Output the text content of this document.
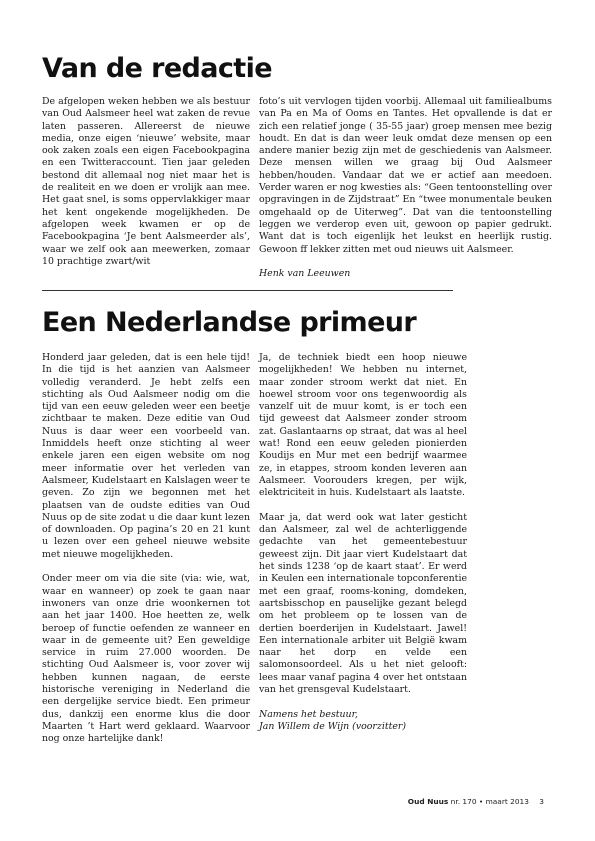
Van de redactie

De afgelopen weken hebben we als bestuur van Oud Aalsmeer heel wat zaken de revue laten passeren. Allereerst de nieuwe media, onze eigen ‘nieuwe’ website, maar ook zaken zoals een eigen Facebookpagina en een Twitteraccount. Tien jaar geleden bestond dit allemaal nog niet maar het is de realiteit en we doen er vrolijk aan mee. Het gaat snel, is soms oppervlakkiger maar het kent ongekende mogelijkheden. De afgelopen week kwamen er op de Facebookpagina ‘Je bent Aalsmeerder als’, waar we zelf ook aan meewerken, zomaar 10 prachtige zwart/wit

foto’s uit vervlogen tijden voorbij. Allemaal uit familiealbums van Pa en Ma of Ooms en Tantes. Het opvallende is dat er zich een relatief jonge ( 35-55 jaar) groep mensen mee bezig houdt. En dat is dan weer leuk omdat deze mensen op een andere manier bezig zijn met de geschiedenis van Aalsmeer. Deze mensen willen we graag bij Oud Aalsmeer hebben/houden. Vandaar dat we er actief aan meedoen. Verder waren er nog kwesties als: “Geen tentoonstelling over opgravingen in de Zijdstraat” En “twee monumentale beuken omgehaald op de Uiterweg”. Dat van die tentoonstelling leggen we verderop even uit, gewoon op papier gedrukt. Want dat is toch eigenlijk het leukst en heerlijk rustig. Gewoon ff lekker zitten met oud nieuws uit Aalsmeer.

Henk van Leeuwen

Een Nederlandse primeur

Honderd jaar geleden, dat is een hele tijd! In die tijd is het aanzien van Aalsmeer volledig veranderd. Je hebt zelfs een stichting als Oud Aalsmeer nodig om die tijd van een eeuw geleden weer een beetje zichtbaar te maken. Deze editie van Oud Nuus is daar weer een voorbeeld van. Inmiddels heeft onze stichting al weer enkele jaren een eigen website om nog meer informatie over het verleden van Aalsmeer, Kudelstaart en Kalslagen weer te geven. Zo zijn we begonnen met het plaatsen van de oudste edities van Oud Nuus op de site zodat u die daar kunt lezen of downloaden. Op pagina’s 20 en 21 kunt u lezen over een geheel nieuwe website met nieuwe mogelijkheden.

Onder meer om via die site (via: wie, wat, waar en wanneer) op zoek te gaan naar inwoners van onze drie woonkernen tot aan het jaar 1400. Hoe heetten ze, welk beroep of functie oefenden ze wanneer en waar in de gemeente uit? Een geweldige service in ruim 27.000 woorden. De stichting Oud Aalsmeer is, voor zover wij hebben kunnen nagaan, de eerste historische vereniging in Nederland die een dergelijke service biedt. Een primeur dus, dankzij een enorme klus die door Maarten ’t Hart werd geklaard. Waarvoor nog onze hartelijke dank!

Ja, de techniek biedt een hoop nieuwe mogelijkheden! We hebben nu internet, maar zonder stroom werkt dat niet. En hoewel stroom voor ons tegenwoordig als vanzelf uit de muur komt, is er toch een tijd geweest dat Aalsmeer zonder stroom zat. Gaslantaarns op straat, dat was al heel wat! Rond een eeuw geleden pionierden Koudijs en Mur met een bedrijf waarmee ze, in etappes, stroom konden leveren aan Aalsmeer. Voorouders kregen, per wijk, elektriciteit in huis. Kudelstaart als laatste.

Maar ja, dat werd ook wat later gesticht dan Aalsmeer, zal wel de achterliggende gedachte van het gemeentebestuur geweest zijn. Dit jaar viert Kudelstaart dat het sinds 1238 ‘op de kaart staat’. Er werd in Keulen een internationale topconferentie met een graaf, rooms-koning, domdeken, aartsbisschop en pauselijke gezant belegd om het probleem op te lossen van de dertien boerderijen in Kudelstaart. Jawel! Een internationale arbiter uit België kwam naar het dorp en velde een salomonsoordeel. Als u het niet gelooft: lees maar vanaf pagina 4 over het ontstaan van het grensgeval Kudelstaart.

Namens het bestuur,
Jan Willem de Wijn (voorzitter)

Oud Nuus nr. 170 • maart 2013 3
